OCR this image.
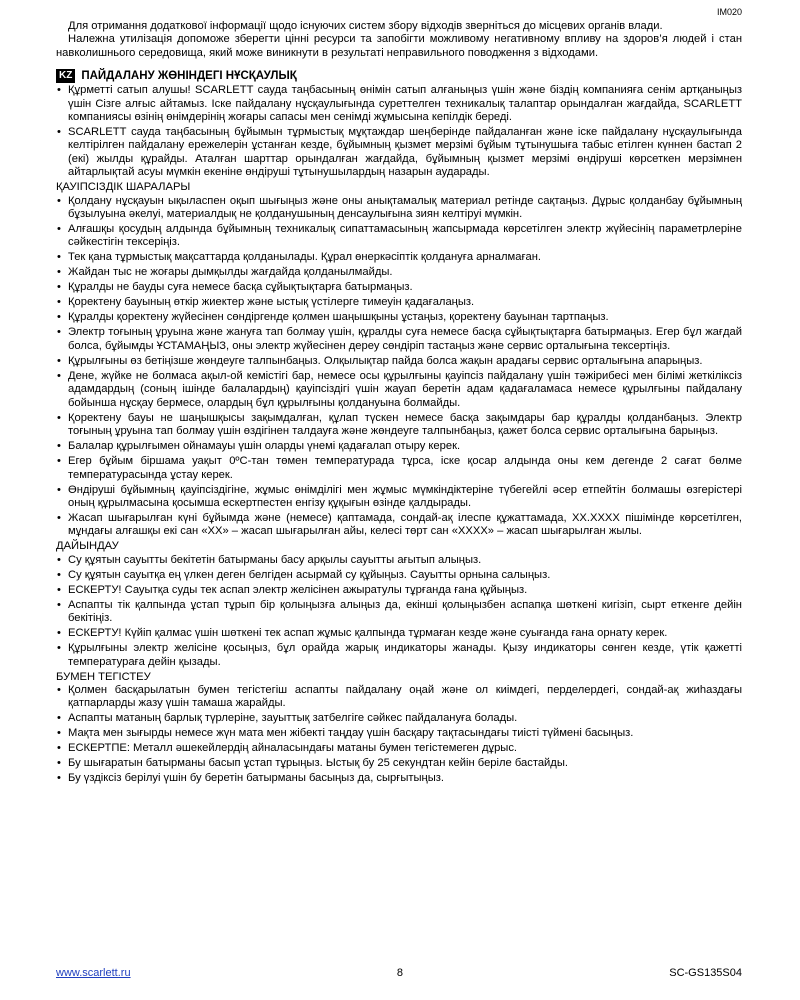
IM020

Для отримання додаткової інформації щодо існуючих систем збору відходів зверніться до місцевих органів влади.

Належна утилізація допоможе зберегти цінні ресурси та запобігти можливому негативному впливу на здоров’я людей і стан навколишнього середовища, який може виникнути в результаті неправильного поводження з відходами.

KZ ПАЙДАЛАНУ ЖӨНІНДЕГІ НҰСҚАУЛЫҚ
• Құрметті сатып алушы! SCARLETT сауда таңбасының өнімін сатып алғаныңыз үшін және біздің компанияға сенім артқаныңыз үшін Сізге алғыс айтамыз. Іске пайдалану нұсқаулығында суреттелген техникалық талаптар орындалған жағдайда, SCARLETT компаниясы өзінің өнімдерінің жоғары сапасы мен сенімді жұмысына кепілдік береді.
• SCARLETT сауда таңбасының бұйымын тұрмыстық мұқтаждар шеңберінде пайдаланған және іске пайдалану нұсқаулығында келтірілген пайдалану ережелерін ұстанған кезде, бұйымның қызмет мерзімі бұйым тұтынушыға табыс етілген күннен бастап 2 (екі) жылды құрайды. Аталған шарттар орындалған жағдайда, бұйымның қызмет мерзімі өндіруші көрсеткен мерзімнен айтарлықтай асуы мүмкін екеніне өндіруші тұтынушылардың назарын аударады.

ҚАУІПСІЗДІК ШАРАЛАРЫ

• Қолдану нұсқауын ықыласпен оқып шығыңыз және оны анықтамалық материал ретінде сақтаңыз. Дұрыс қолданбау бұйымның бұзылуына әкелуі, материалдық не қолданушының денсаулығына зиян келтіруі мүмкін.
• Алғашқы қосудың алдында бұйымның техникалық сипаттамасының жапсырмада көрсетілген электр жүйесінің параметрлеріне сәйкестігін тексеріңіз.
• Тек қана тұрмыстық мақсаттарда қолданылады. Құрал өнеркәсіптік қолдануға арналмаған.
• Жайдан тыс не жоғары дымқылды жағдайда қолданылмайды.
• Құралды не бауды суға немесе басқа сұйықтықтарға батырмаңыз.
• Қоректену бауының өткір жиектер және ыстық үстілерге тимеуін қадағалаңыз.
• Құралды қоректену жүйесінен сөндіргенде қолмен шаңышқыны ұстаңыз, қоректену бауынан тартпаңыз.
• Электр тоғының ұруына және жануға тап болмау үшін, құралды суға немесе басқа сұйықтықтарға батырмаңыз. Егер бұл жағдай болса, бұйымды ҰСТАМАҢЫЗ, оны электр жүйесінен дереу сөндіріп тастаңыз және сервис орталығына тексертіңіз.
• Құрылғыны өз бетіңізше жөндеуге талпынбаңыз. Олқылықтар пайда болса жақын арадағы сервис орталығына апарыңыз.
• Дене, жүйке не болмаса ақыл-ой кемістігі бар, немесе осы құрылғыны қауіпсіз пайдалану үшін тәжірибесі мен білімі жеткіліксіз адамдардың (соның ішінде балалардың) қауіпсіздігі үшін жауап беретін адам қадағаламаса немесе құрылғыны пайдалану бойынша нұсқау бермесе, олардың бұл құрылғыны қолдануына болмайды.
• Қоректену бауы не шаңышқысы зақымдалған, құлап түскен немесе басқа зақымдары бар құралды қолданбаңыз. Электр тоғының ұруына тап болмау үшін өздігінен талдауға және жөндеуге талпынбаңыз, қажет болса сервис орталығына барыңыз.
• Балалар құрылғымен ойнамауы үшін оларды үнемі қадағалап отыру керек.
• Егер бұйым біршама уақыт 0ºC-тан төмен температурада тұрса, іске қосар алдында оны кем дегенде 2 сағат бөлме температурасында ұстау керек.
• Өндіруші бұйымның қауіпсіздігіне, жұмыс өнімділігі мен жұмыс мүмкіндіктеріне түбегейлі әсер етпейтін болмашы өзгерістері оның құрылмасына қосымша ескертпестен енгізу құқығын өзінде қалдырады.
• Жасап шығарылған күні бұйымда және (немесе) қаптамада, сондай-ақ ілеспе құжаттамада, XX.XXXX пішімінде көрсетілген, мұндағы алғашқы екі сан «XX» – жасап шығарылған айы, келесі төрт сан «XXXX» – жасап шығарылған жылы.

ДАЙЫНДАУ

• Су құятын сауытты бекітетін батырманы басу арқылы сауытты ағытып алыңыз.
• Су құятын сауытқа ең үлкен деген белгіден асырмай су құйыңыз. Сауытты орнына салыңыз.
• ЕСКЕРТУ! Сауытқа суды тек аспап электр желісінен ажыратулы тұрғанда ғана құйыңыз.
• Аспапты тік қалпында ұстап тұрып бір қолыңызға алыңыз да, екінші қолыңызбен аспапқа шөткені кигізіп, сырт еткенге дейін бекітіңіз.
• ЕСКЕРТУ! Күйіп қалмас үшін шөткені тек аспап жұмыс қалпында тұрмаған кезде және суығанда ғана орнату керек.
• Құрылғыны электр желісіне қосыңыз, бұл орайда жарық индикаторы жанады. Қызу индикаторы сөнген кезде, үтік қажетті температураға дейін қызады.

БУМЕН ТЕГІСТЕУ

• Қолмен басқарылатын бумен тегістегіш аспапты пайдалану оңай және ол киімдегі, перделердегі, сондай-ақ жиһаздағы қатпарларды жазу үшін тамаша жарайды.
• Аспапты матаның барлық түрлеріне, зауыттық затбелгіге сәйкес пайдалануға болады.
• Мақта мен зығырды немесе жүн мата мен жібекті таңдау үшін басқару тақтасындағы тиісті түймені басыңыз.
• ЕСКЕРТПЕ: Металл әшекейлердің айналасындағы матаны бумен тегістемеген дұрыс.
• Бу шығаратын батырманы басып ұстап тұрыңыз. Ыстық бу 25 секундтан кейін беріле бастайды.
• Бу үздіксіз берілуі үшін бу беретін батырманы басыңыз да, сырғытыңыз.
www.scarlett.ru	8	SC-GS135S04
